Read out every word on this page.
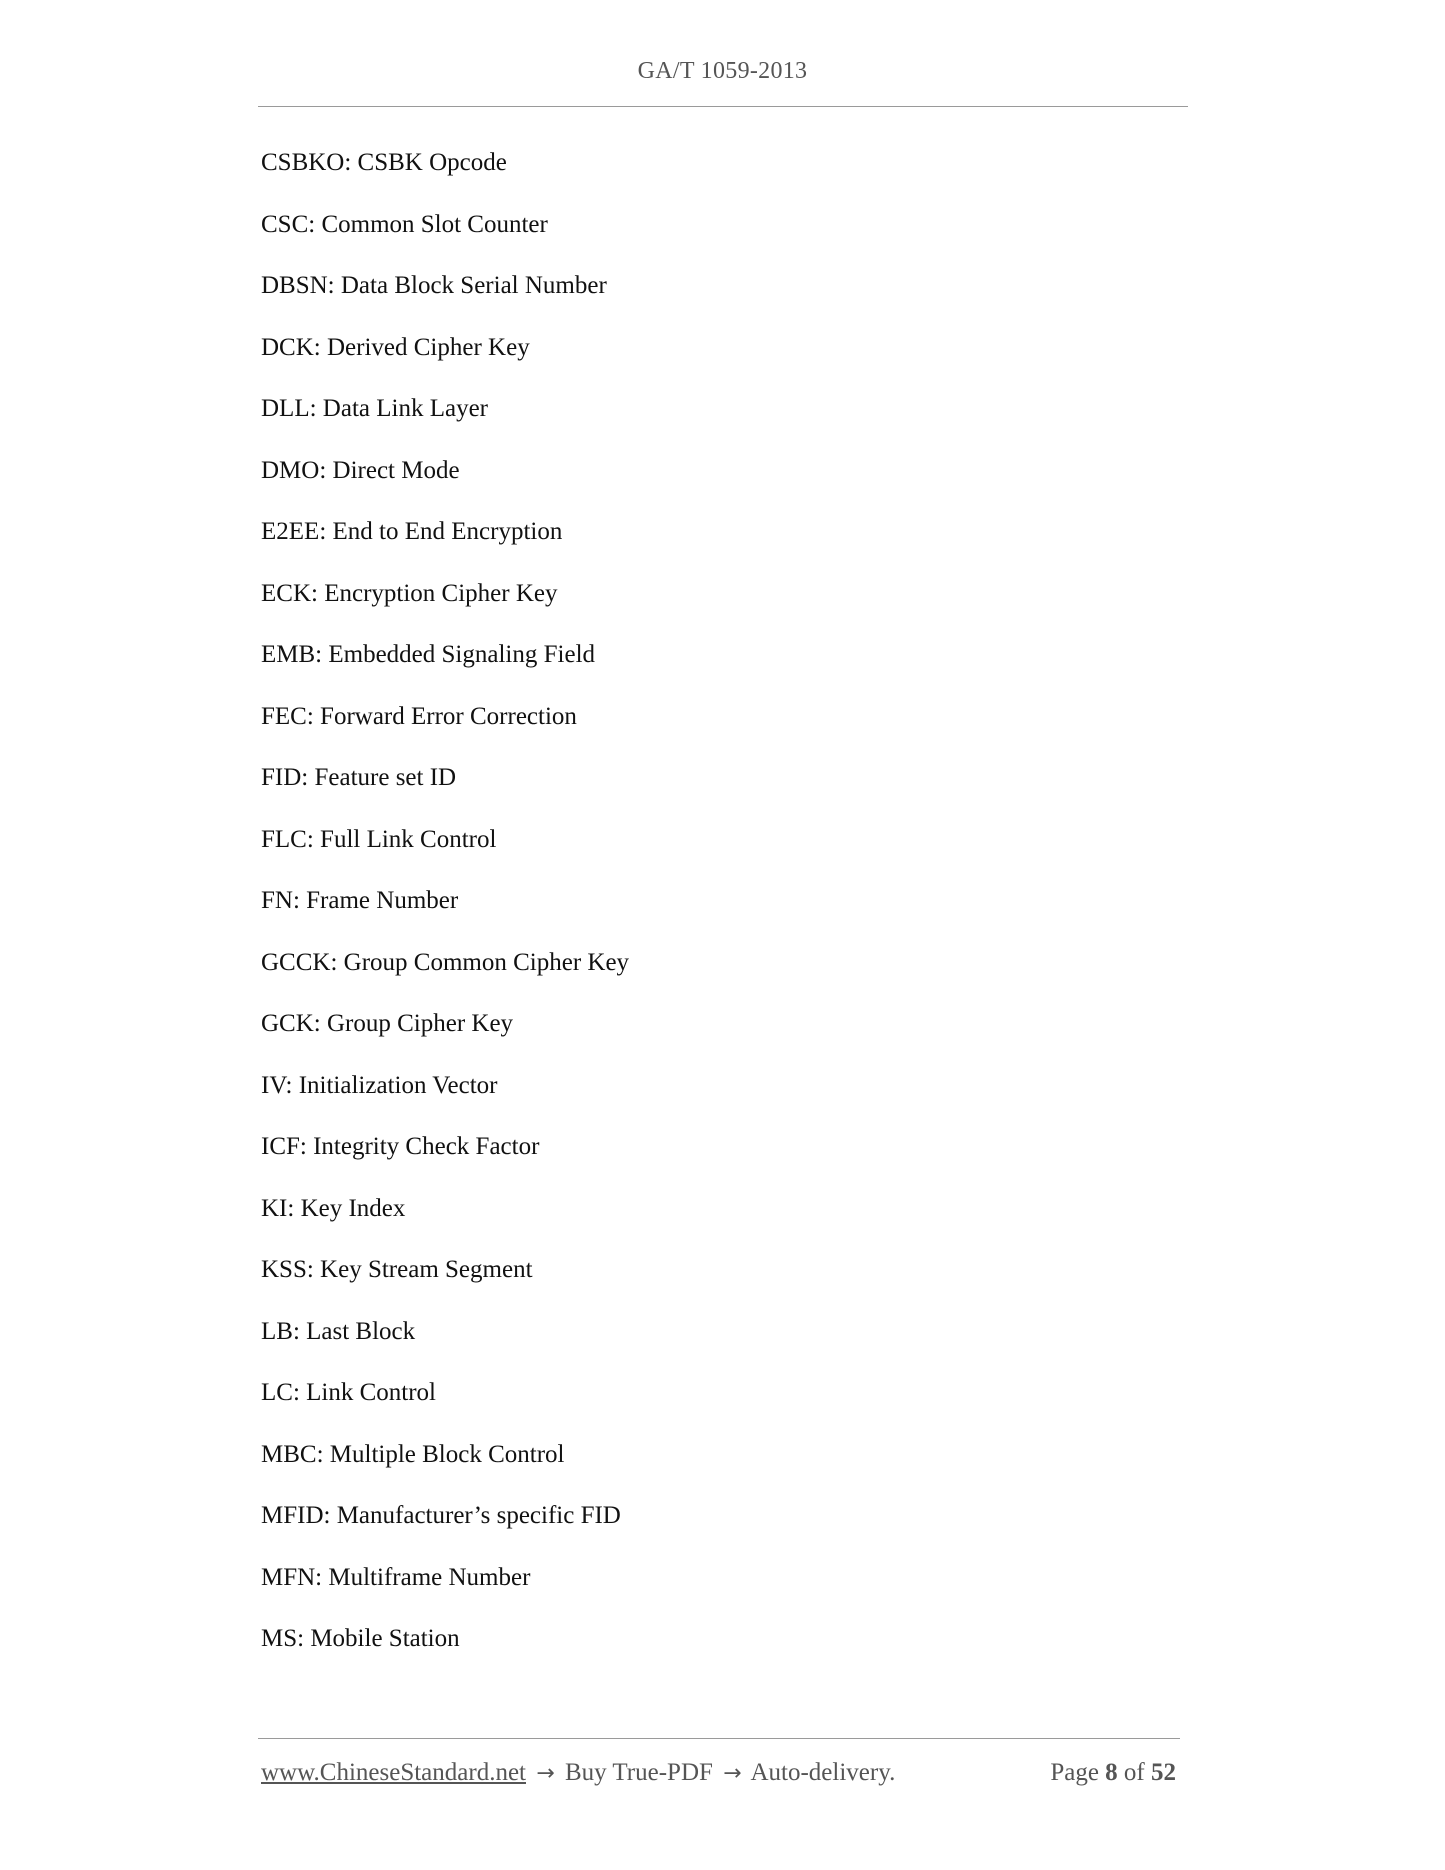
GA/T 1059-2013
CSBKO: CSBK Opcode
CSC: Common Slot Counter
DBSN: Data Block Serial Number
DCK: Derived Cipher Key
DLL: Data Link Layer
DMO: Direct Mode
E2EE: End to End Encryption
ECK: Encryption Cipher Key
EMB: Embedded Signaling Field
FEC: Forward Error Correction
FID: Feature set ID
FLC: Full Link Control
FN: Frame Number
GCCK: Group Common Cipher Key
GCK: Group Cipher Key
IV: Initialization Vector
ICF: Integrity Check Factor
KI: Key Index
KSS: Key Stream Segment
LB: Last Block
LC: Link Control
MBC: Multiple Block Control
MFID: Manufacturer’s specific FID
MFN: Multiframe Number
MS: Mobile Station
www.ChineseStandard.net → Buy True-PDF → Auto-delivery.	Page 8 of 52
